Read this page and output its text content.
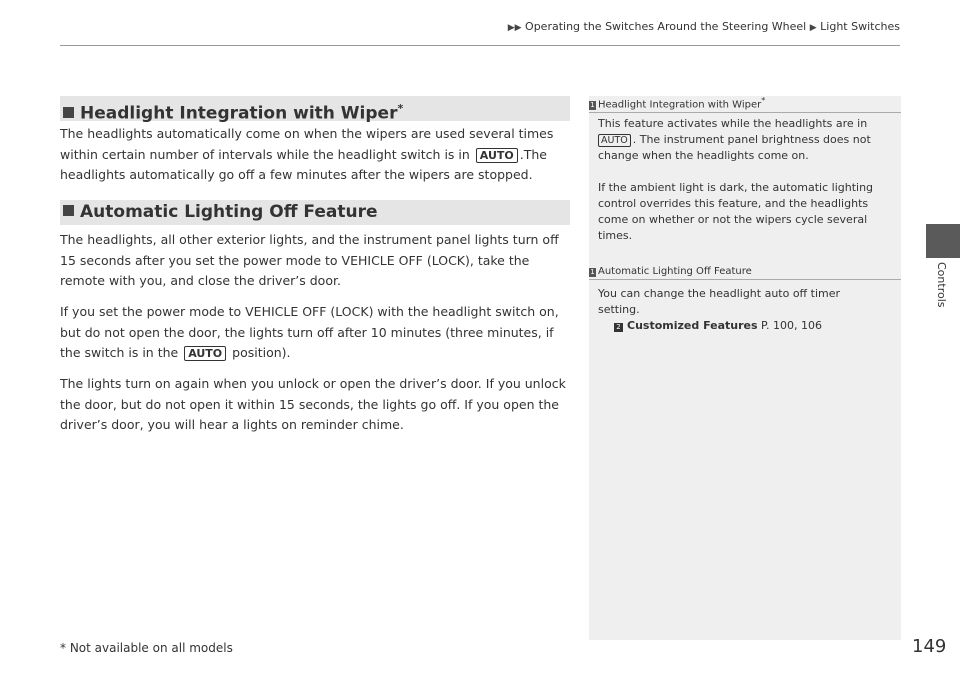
▶▶ Operating the Switches Around the Steering Wheel ▶ Light Switches
Controls
Headlight Integration with Wiper*

The headlights automatically come on when the wipers are used several times within certain number of intervals while the headlight switch is in AUTO .The headlights automatically go off a few minutes after the wipers are stopped.

Automatic Lighting Off Feature

The headlights, all other exterior lights, and the instrument panel lights turn off 15 seconds after you set the power mode to VEHICLE OFF (LOCK), take the remote with you, and close the driver’s door.

If you set the power mode to VEHICLE OFF (LOCK) with the headlight switch on, but do not open the door, the lights turn off after 10 minutes (three minutes, if the switch is in the AUTO position).

The lights turn on again when you unlock or open the driver’s door. If you unlock the door, but do not open it within 15 seconds, the lights go off. If you open the driver’s door, you will hear a lights on reminder chime.

1 Headlight Integration with Wiper*

This feature activates while the headlights are in
AUTO . The instrument panel brightness does not change when the headlights come on.

If the ambient light is dark, the automatic lighting control overrides this feature, and the headlights come on whether or not the wipers cycle several times.

1 Automatic Lighting Off Feature

You can change the headlight auto off timer setting.
2 Customized Features P. 100, 106

* Not available on all models	149
